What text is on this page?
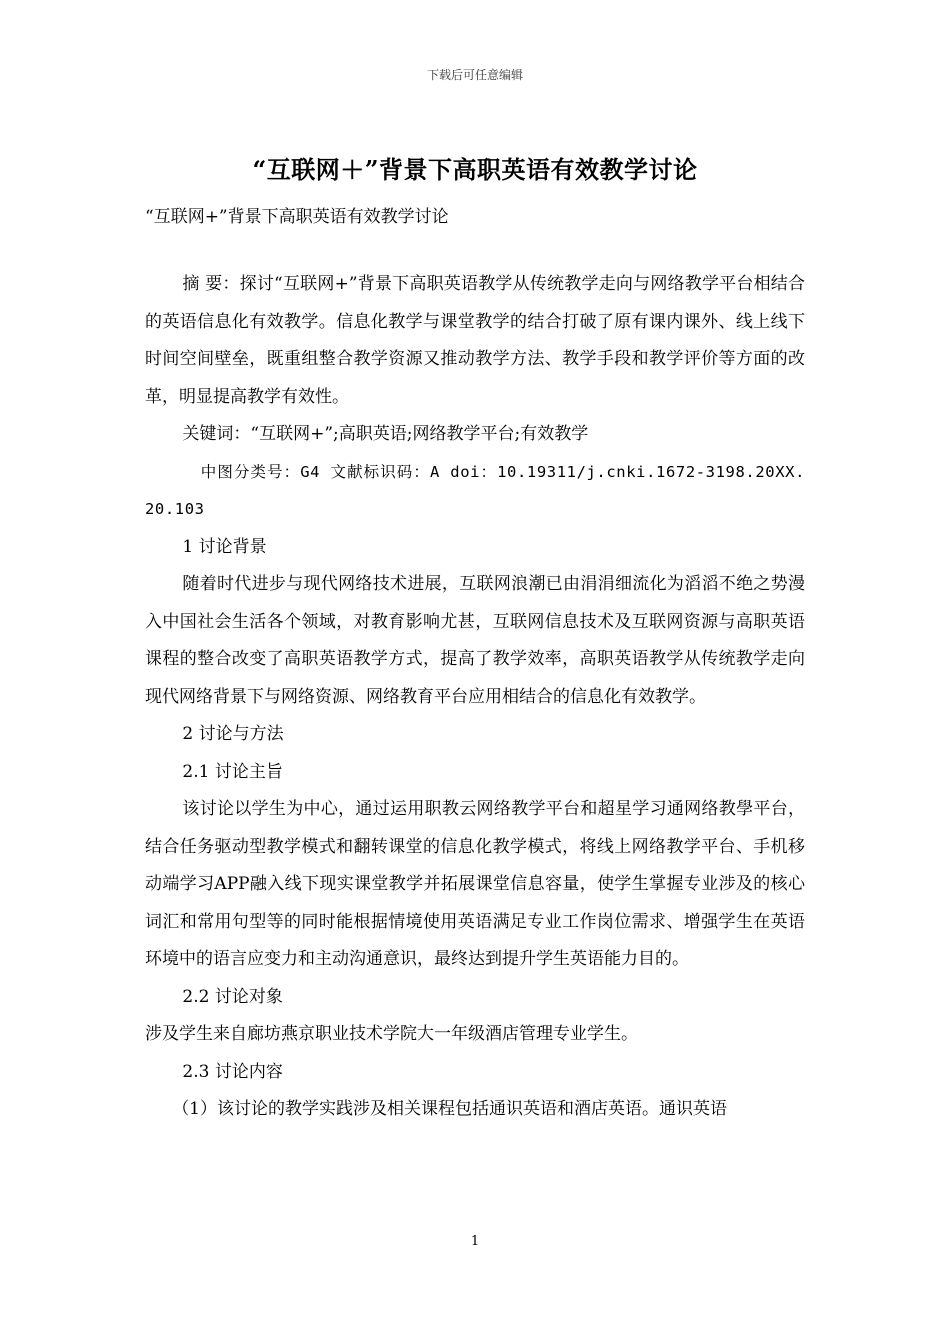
下载后可任意编辑
“互联网＋”背景下高职英语有效教学讨论
“互联网+”背景下高职英语有效教学讨论

摘 要：探讨“互联网+”背景下高职英语教学从传统教学走向与网络教学平台相结合的英语信息化有效教学。信息化教学与课堂教学的结合打破了原有课内课外、线上线下时间空间壁垒，既重组整合教学资源又推动教学方法、教学手段和教学评价等方面的改革，明显提高教学有效性。

关键词：“互联网+”;高职英语;网络教学平台;有效教学

中图分类号：G4 文献标识码：A doi：10.19311/j.cnki.1672-3198.20XX.20.103

1 讨论背景

随着时代进步与现代网络技术进展，互联网浪潮已由涓涓细流化为滔滔不绝之势漫入中国社会生活各个领域，对教育影响尤甚，互联网信息技术及互联网资源与高职英语课程的整合改变了高职英语教学方式，提高了教学效率，高职英语教学从传统教学走向现代网络背景下与网络资源、网络教育平台应用相结合的信息化有效教学。

2 讨论与方法

2.1 讨论主旨

该讨论以学生为中心，通过运用职教云网络教学平台和超星学习通网络教學平台，结合任务驱动型教学模式和翻转课堂的信息化教学模式，将线上网络教学平台、手机移动端学习APP融入线下现实课堂教学并拓展课堂信息容量，使学生掌握专业涉及的核心词汇和常用句型等的同时能根据情境使用英语满足专业工作岗位需求、增强学生在英语环境中的语言应变力和主动沟通意识，最终达到提升学生英语能力目的。

2.2 讨论对象

涉及学生来自廊坊燕京职业技术学院大一年级酒店管理专业学生。

2.3 讨论内容

（1）该讨论的教学实践涉及相关课程包括通识英语和酒店英语。通识英语

1
